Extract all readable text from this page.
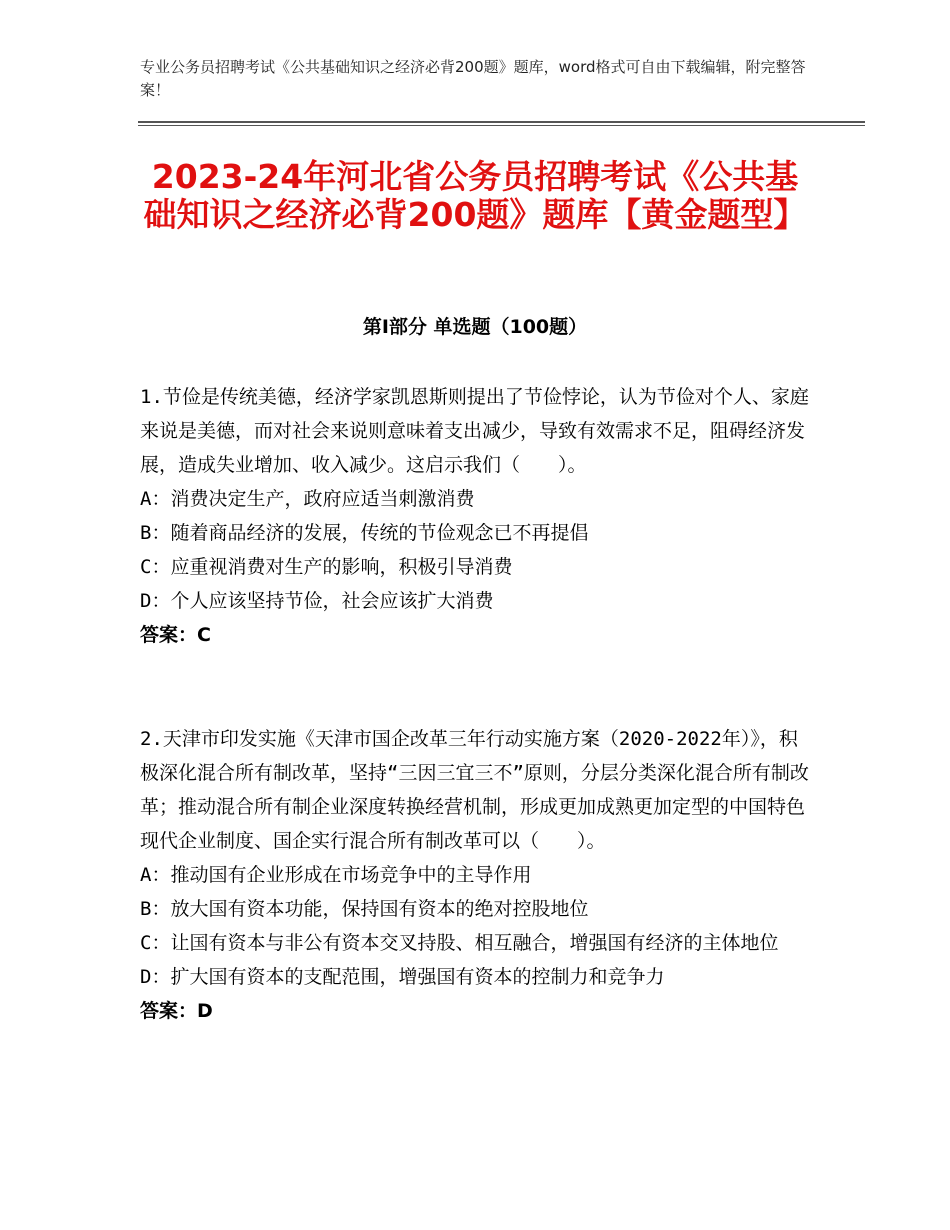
专业公务员招聘考试《公共基础知识之经济必背200题》题库，word格式可自由下载编辑，附完整答案！
2023-24年河北省公务员招聘考试《公共基础知识之经济必背200题》题库【黄金题型】
第Ⅰ部分 单选题（100题）

1.节俭是传统美德，经济学家凯恩斯则提出了节俭悖论，认为节俭对个人、家庭来说是美德，而对社会来说则意味着支出减少，导致有效需求不足，阻碍经济发展，造成失业增加、收入减少。这启示我们（　　）。

A：消费决定生产，政府应适当刺激消费

B：随着商品经济的发展，传统的节俭观念已不再提倡

C：应重视消费对生产的影响，积极引导消费

D：个人应该坚持节俭，社会应该扩大消费

答案：C

2.天津市印发实施《天津市国企改革三年行动实施方案（2020-2022年）》，积极深化混合所有制改革，坚持“三因三宜三不”原则，分层分类深化混合所有制改革；推动混合所有制企业深度转换经营机制，形成更加成熟更加定型的中国特色现代企业制度、国企实行混合所有制改革可以（　　）。

A：推动国有企业形成在市场竞争中的主导作用

B：放大国有资本功能，保持国有资本的绝对控股地位

C：让国有资本与非公有资本交叉持股、相互融合，增强国有经济的主体地位

D：扩大国有资本的支配范围，增强国有资本的控制力和竞争力

答案：D
